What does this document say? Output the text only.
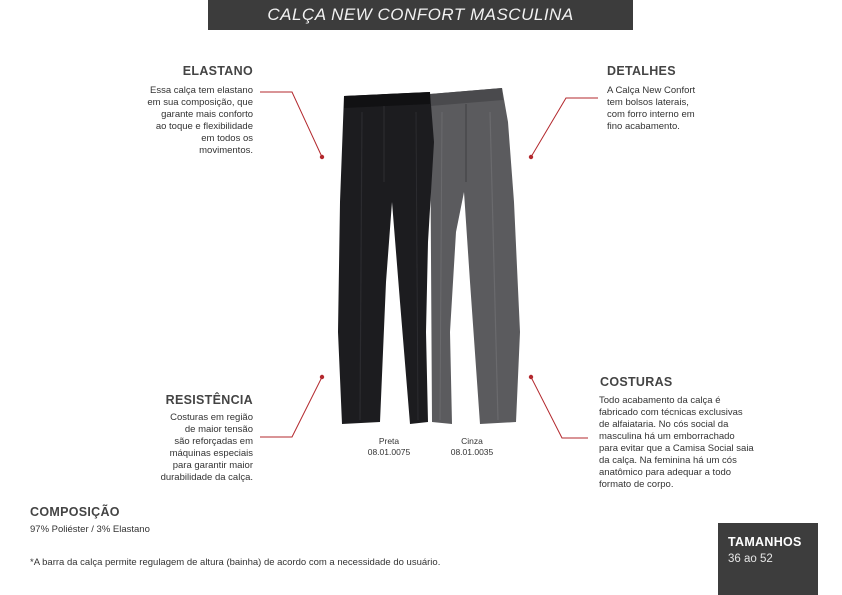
CALÇA NEW CONFORT MASCULINA
ELASTANO
Essa calça tem elastano
em sua composição, que
garante mais conforto
ao toque e flexibilidade
em todos os
movimentos.
DETALHES
A Calça New Confort
tem bolsos laterais,
com forro interno em
fino acabamento.
RESISTÊNCIA
Costuras em região
de maior tensão
são reforçadas em
máquinas especiais
para garantir maior
durabilidade da calça.
COSTURAS
Todo acabamento da calça é
fabricado com técnicas exclusivas
de alfaiataria. No cós social da
masculina há um emborrachado
para evitar que a Camisa Social saia
da calça. Na feminina há um cós
anatômico para adequar a todo
formato de corpo.
Preta
08.01.0075
Cinza
08.01.0035
COMPOSIÇÃO
97% Poliéster / 3% Elastano
*A barra da calça permite regulagem de altura (bainha) de acordo com a necessidade do usuário.
TAMANHOS
36 ao 52
